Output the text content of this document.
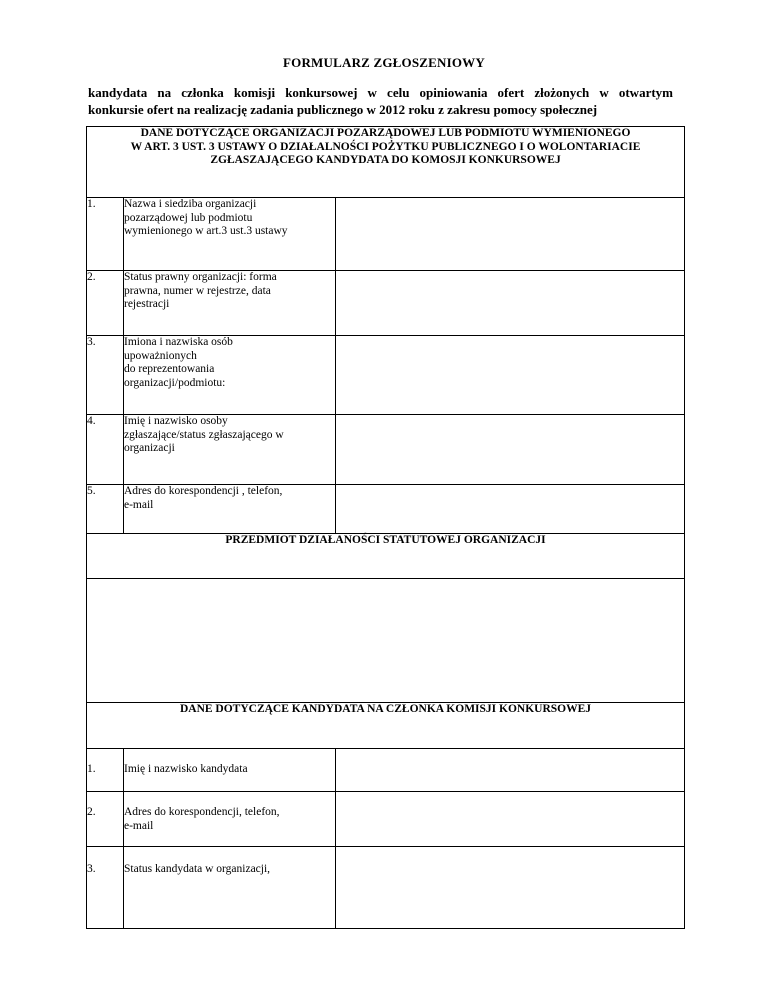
FORMULARZ ZGŁOSZENIOWY
kandydata na członka komisji konkursowej w celu opiniowania ofert złożonych w otwartym
konkursie ofert na realizację zadania publicznego w 2012 roku z zakresu pomocy społecznej
DANE DOTYCZĄCE ORGANIZACJI POZARZĄDOWEJ LUB PODMIOTU WYMIENIONEGO
W ART. 3 UST. 3 USTAWY O DZIAŁALNOŚCI POŻYTKU PUBLICZNEGO I O WOLONTARIACIE
ZGŁASZAJĄCEGO KANDYDATA DO KOMOSJI KONKURSOWEJ		

1.	Nazwa i siedziba organizacji
pozarządowej lub podmiotu
wymienionego w art.3 ust.3 ustawy	

2.	Status prawny organizacji: forma
prawna, numer w rejestrze, data
rejestracji	

3.	Imiona i nazwiska osób
upoważnionych
do reprezentowania
organizacji/podmiotu:	

4.	Imię i nazwisko osoby
zgłaszające/status zgłaszającego w
organizacji	

5.	Adres do korespondencji , telefon,
e-mail	

PRZEDMIOT DZIAŁANOŚCI STATUTOWEJ ORGANIZACJI		

DANE DOTYCZĄCE KANDYDATA NA CZŁONKA KOMISJI KONKURSOWEJ		
1.	Imię i nazwisko kandydata	

2.	Adres do korespondencji, telefon,
e-mail	

3.	Status kandydata w organizacji,	
